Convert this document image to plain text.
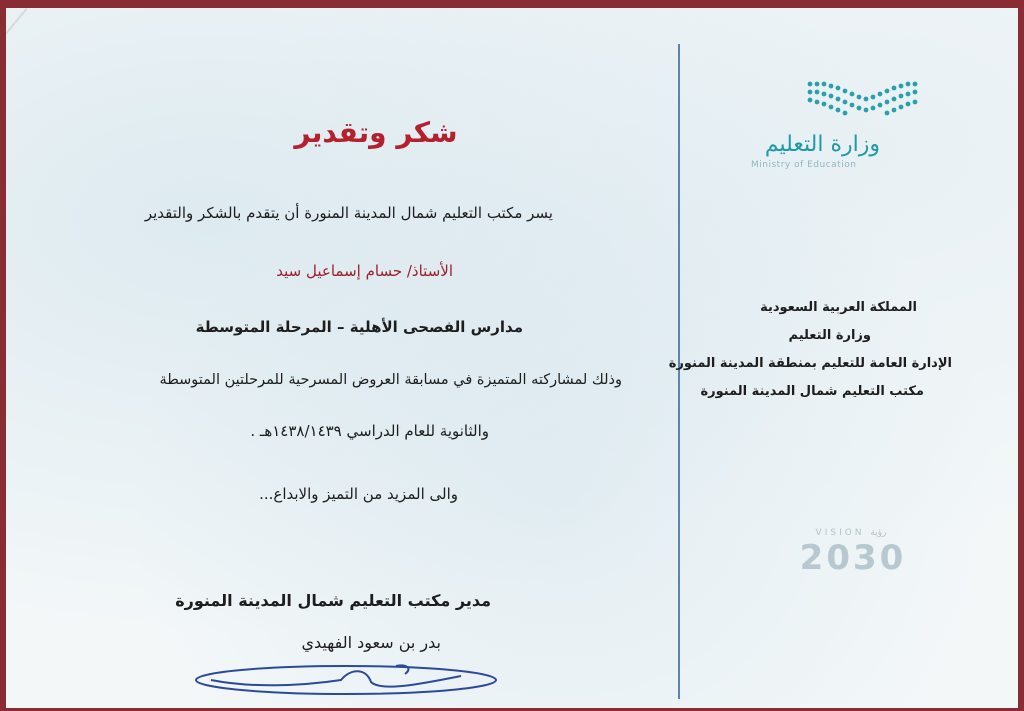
شكر وتقدير
يسر مكتب التعليم شمال المدينة المنورة أن يتقدم بالشكر والتقدير
الأستاذ/ حسام إسماعيل سيد
مدارس الفصحى الأهلية – المرحلة المتوسطة
وذلك لمشاركته المتميزة في مسابقة العروض المسرحية للمرحلتين المتوسطة
والثانوية للعام الدراسي ١٤٣٨/١٤٣٩هـ .
والى المزيد من التميز والابداع...
مدير مكتب التعليم شمال المدينة المنورة
بدر بن سعود الفهيدي
وزارة التعليم
Ministry of Education
المملكة العربية السعودية
وزارة التعليم
الإدارة العامة للتعليم بمنطقة المدينة المنورة
مكتب التعليم شمال المدينة المنورة
VISION رؤية
2030
